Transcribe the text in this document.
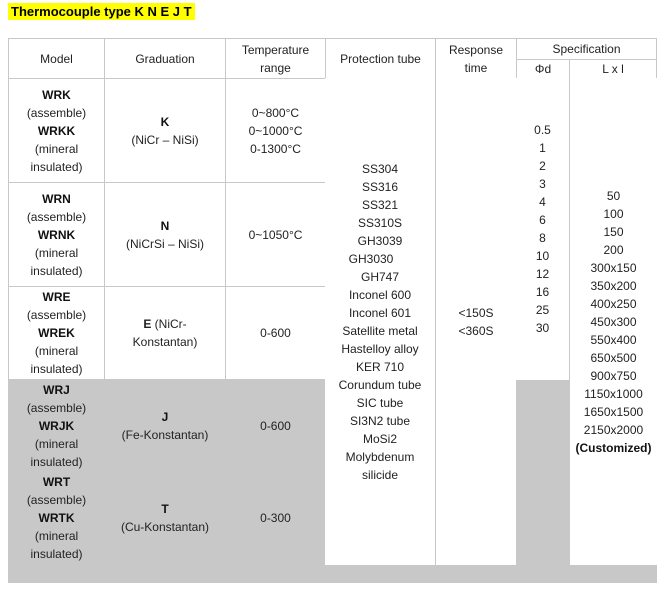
Thermocouple type K N E J T
Model	Graduation
Temperature
range
Protection tube
Response
time
Specification
Φd	L x l
WRK
(assemble)
WRKK
(mineral
insulated)
K
(NiCr – NiSi)
0~800°C
0~1000°C
0-1300°C
WRN
(assemble)
WRNK
(mineral
insulated)
N
(NiCrSi – NiSi)
0~1050°C
WRE
(assemble)
WREK
(mineral
insulated)
E (NiCr-
Konstantan)
0-600
WRJ
(assemble)
WRJK
(mineral
insulated)
J
(Fe-Konstantan)
0-600
WRT
(assemble)
WRTK
(mineral
insulated)
T
(Cu-Konstantan)
0-300
SS304
SS316
SS321
SS310S
GH3039
GH3030
GH747
Inconel 600
Inconel 601
Satellite metal
Hastelloy alloy
KER 710
Corundum tube
SIC tube
SI3N2 tube
MoSi2
Molybdenum
silicide
<150S
<360S
0.5
1
2
3
4
6
8
10
12
16
25
30
50
100
150
200
300x150
350x200
400x250
450x300
550x400
650x500
900x750
1150x1000
1650x1500
2150x2000
(Customized)
